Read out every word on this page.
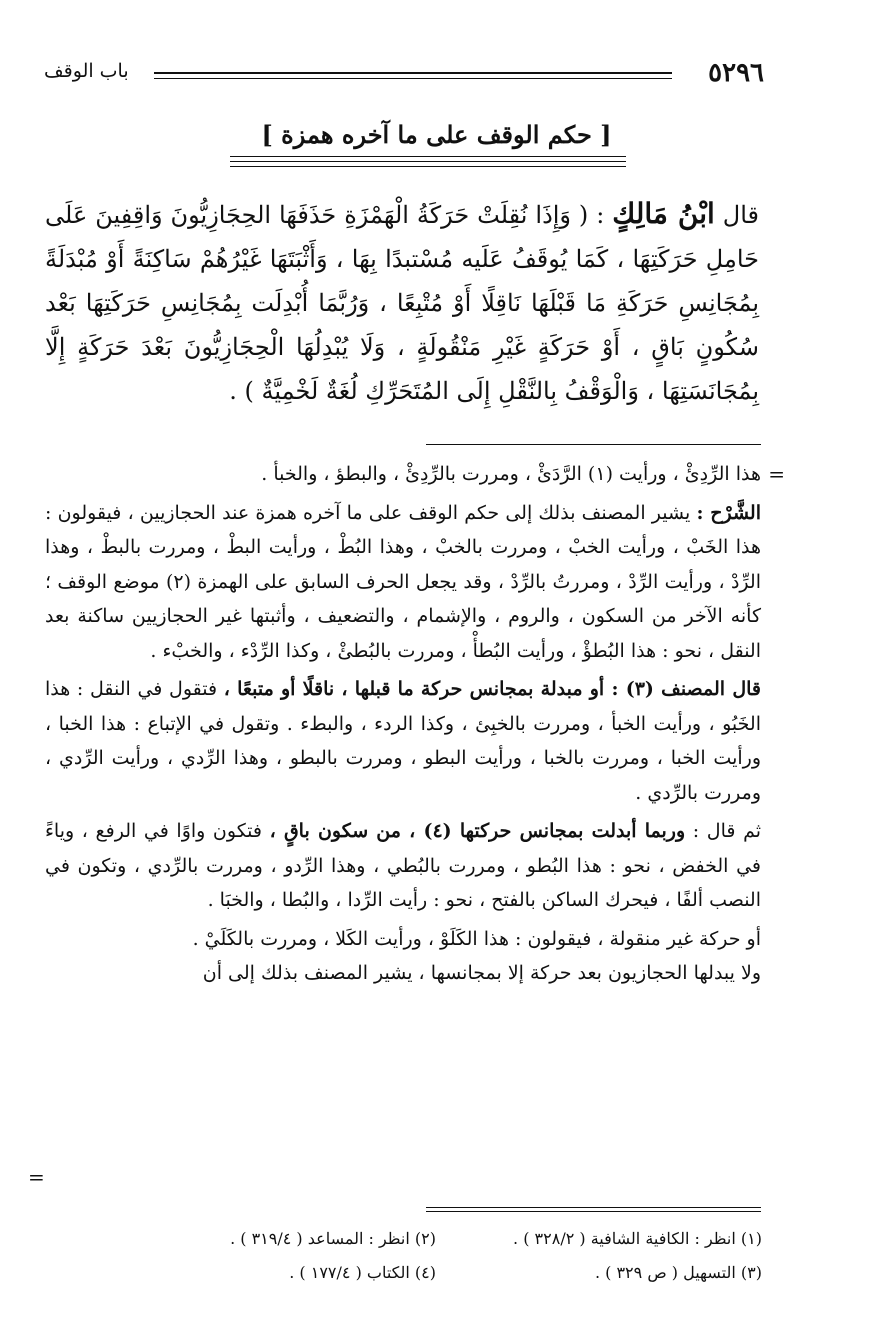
٥٢٩٦
باب الوقف
[ حكم الوقف على ما آخره همزة ]
قال ابْنُ مَالِكٍ : ( وَإِذَا نُقِلَتْ حَرَكَةُ الْهَمْزَةِ حَذَفَهَا الحِجَازِيُّونَ وَاقِفِينَ عَلَى حَامِلِ حَرَكَتِهَا ، كَمَا يُوقَفُ عَلَيه مُسْتبدًا بِهَا ، وَأَثْبَتَهَا غَيْرُهُمْ سَاكِنَةً أَوْ مُبْدَلَةً بِمُجَانِسِ حَرَكَةِ مَا قَبْلَهَا نَاقِلًا أَوْ مُتْبِعًا ، وَرُبَّمَا أُبْدِلَت بِمُجَانِسِ حَرَكَتِهَا بَعْد سُكُونٍ بَاقٍ ، أَوْ حَرَكَةٍ غَيْرِ مَنْقُولَةٍ ، وَلَا يُبْدِلُهَا الْحِجَازِيُّونَ بَعْدَ حَرَكَةٍ إِلَّا بِمُجَانَسَتِهَا ، وَالْوَقْفُ بِالنَّقْلِ إِلَى المُتَحَرِّكِ لُغَةٌ لَخْمِيَّةٌ ) .
=

هذا الرِّدِئْ ، ورأيت (١) الرَّدَئْ ، ومررت بالرِّدِئْ ، والبطؤ ، والخبأ .

الشَّرْح : يشير المصنف بذلك إلى حكم الوقف على ما آخره همزة عند الحجازيين ، فيقولون : هذا الخَبْ ، ورأيت الخبْ ، ومررت بالخبْ ، وهذا البُطْ ، ورأيت البطْ ، ومررت بالبطْ ، وهذا الرِّدْ ، ورأيت الرِّدْ ، ومررتُ بالرِّدْ ، وقد يجعل الحرف السابق على الهمزة (٢) موضع الوقف ؛ كأنه الآخر من السكون ، والروم ، والإشمام ، والتضعيف ، وأثبتها غير الحجازيين ساكنة بعد النقل ، نحو : هذا البُطؤْ ، ورأيت البُطأْ ، ومررت بالبُطئْ ، وكذا الرِّدْء ، والخبْء .

قال المصنف (٣) : أو مبدلة بمجانس حركة ما قبلها ، ناقلًا أو متبعًا ، فتقول في النقل : هذا الخَبُو ، ورأيت الخبأ ، ومررت بالخبِئ ، وكذا الردء ، والبطء . وتقول في الإتباع : هذا الخبا ، ورأيت الخبا ، ومررت بالخبا ، ورأيت البطو ، ومررت بالبطو ، وهذا الرِّدي ، ورأيت الرِّدي ، ومررت بالرِّدي .

ثم قال : وربما أبدلت بمجانس حركتها (٤) ، من سكون باقٍ ، فتكون واوًا في الرفع ، وياءً في الخفض ، نحو : هذا البُطو ، ومررت بالبُطي ، وهذا الرِّدو ، ومررت بالرِّدي ، وتكون في النصب ألفًا ، فيحرك الساكن بالفتح ، نحو : رأيت الرِّدا ، والبُطا ، والخبَا .

أو حركة غير منقولة ، فيقولون : هذا الكَلَوْ ، ورأيت الكَلا ، ومررت بالكَلَيْ .

ولا يبدلها الحجازيون بعد حركة إلا بمجانسها ، يشير المصنف بذلك إلى أن

=
(١) انظر : الكافية الشافية ( ٣٢٨/٢ ) .
(٢) انظر : المساعد ( ٣١٩/٤ ) .
(٣) التسهيل ( ص ٣٢٩ ) .
(٤) الكتاب ( ١٧٧/٤ ) .
